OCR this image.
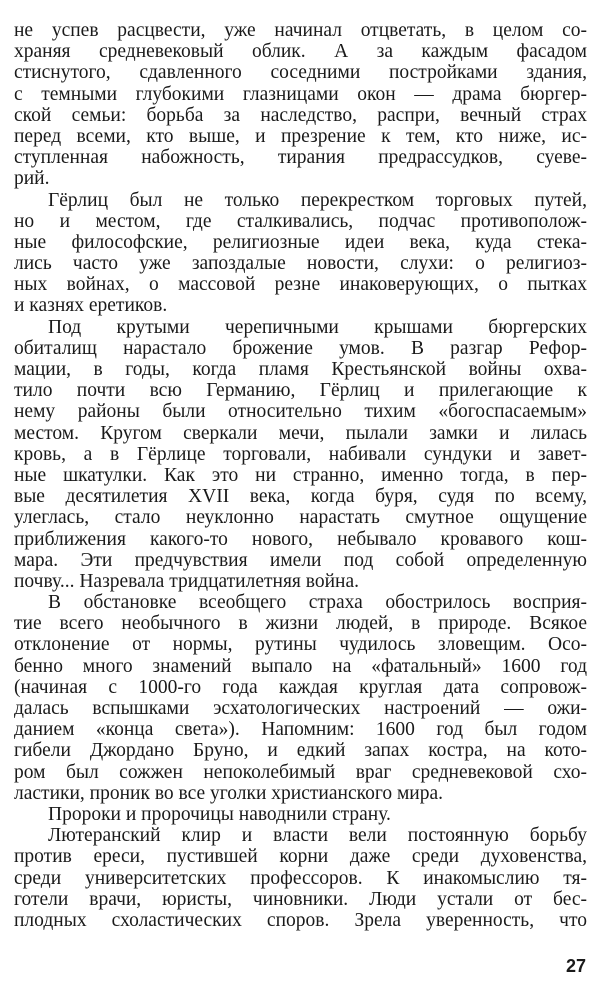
не успев расцвести, уже начинал отцветать, в целом со-
храняя средневековый облик. А за каждым фасадом
стиснутого, сдавленного соседними постройками здания,
с темными глубокими глазницами окон — драма бюргер-
ской семьи: борьба за наследство, распри, вечный страх
перед всеми, кто выше, и презрение к тем, кто ниже, ис-
ступленная набожность, тирания предрассудков, суеве-
рий.
Гёрлиц был не только перекрестком торговых путей,
но и местом, где сталкивались, подчас противополож-
ные философские, религиозные идеи века, куда стека-
лись часто уже запоздалые новости, слухи: о религиоз-
ных войнах, о массовой резне инаковерующих, о пытках
и казнях еретиков.
Под крутыми черепичными крышами бюргерских
обиталищ нарастало брожение умов. В разгар Рефор-
мации, в годы, когда пламя Крестьянской войны охва-
тило почти всю Германию, Гёрлиц и прилегающие к
нему районы были относительно тихим «богоспасаемым»
местом. Кругом сверкали мечи, пылали замки и лилась
кровь, а в Гёрлице торговали, набивали сундуки и завет-
ные шкатулки. Как это ни странно, именно тогда, в пер-
вые десятилетия XVII века, когда буря, судя по всему,
улеглась, стало неуклонно нарастать смутное ощущение
приближения какого-то нового, небывало кровавого кош-
мара. Эти предчувствия имели под собой определенную
почву... Назревала тридцатилетняя война.
В обстановке всеобщего страха обострилось восприя-
тие всего необычного в жизни людей, в природе. Всякое
отклонение от нормы, рутины чудилось зловещим. Осо-
бенно много знамений выпало на «фатальный» 1600 год
(начиная с 1000-го года каждая круглая дата сопровож-
далась вспышками эсхатологических настроений — ожи-
данием «конца света»). Напомним: 1600 год был годом
гибели Джордано Бруно, и едкий запах костра, на кото-
ром был сожжен непоколебимый враг средневековой схо-
ластики, проник во все уголки христианского мира.
Пророки и пророчицы наводнили страну.
Лютеранский клир и власти вели постоянную борьбу
против ереси, пустившей корни даже среди духовенства,
среди университетских профессоров. К инакомыслию тя-
готели врачи, юристы, чиновники. Люди устали от бес-
плодных схоластических споров. Зрела уверенность, что
27
